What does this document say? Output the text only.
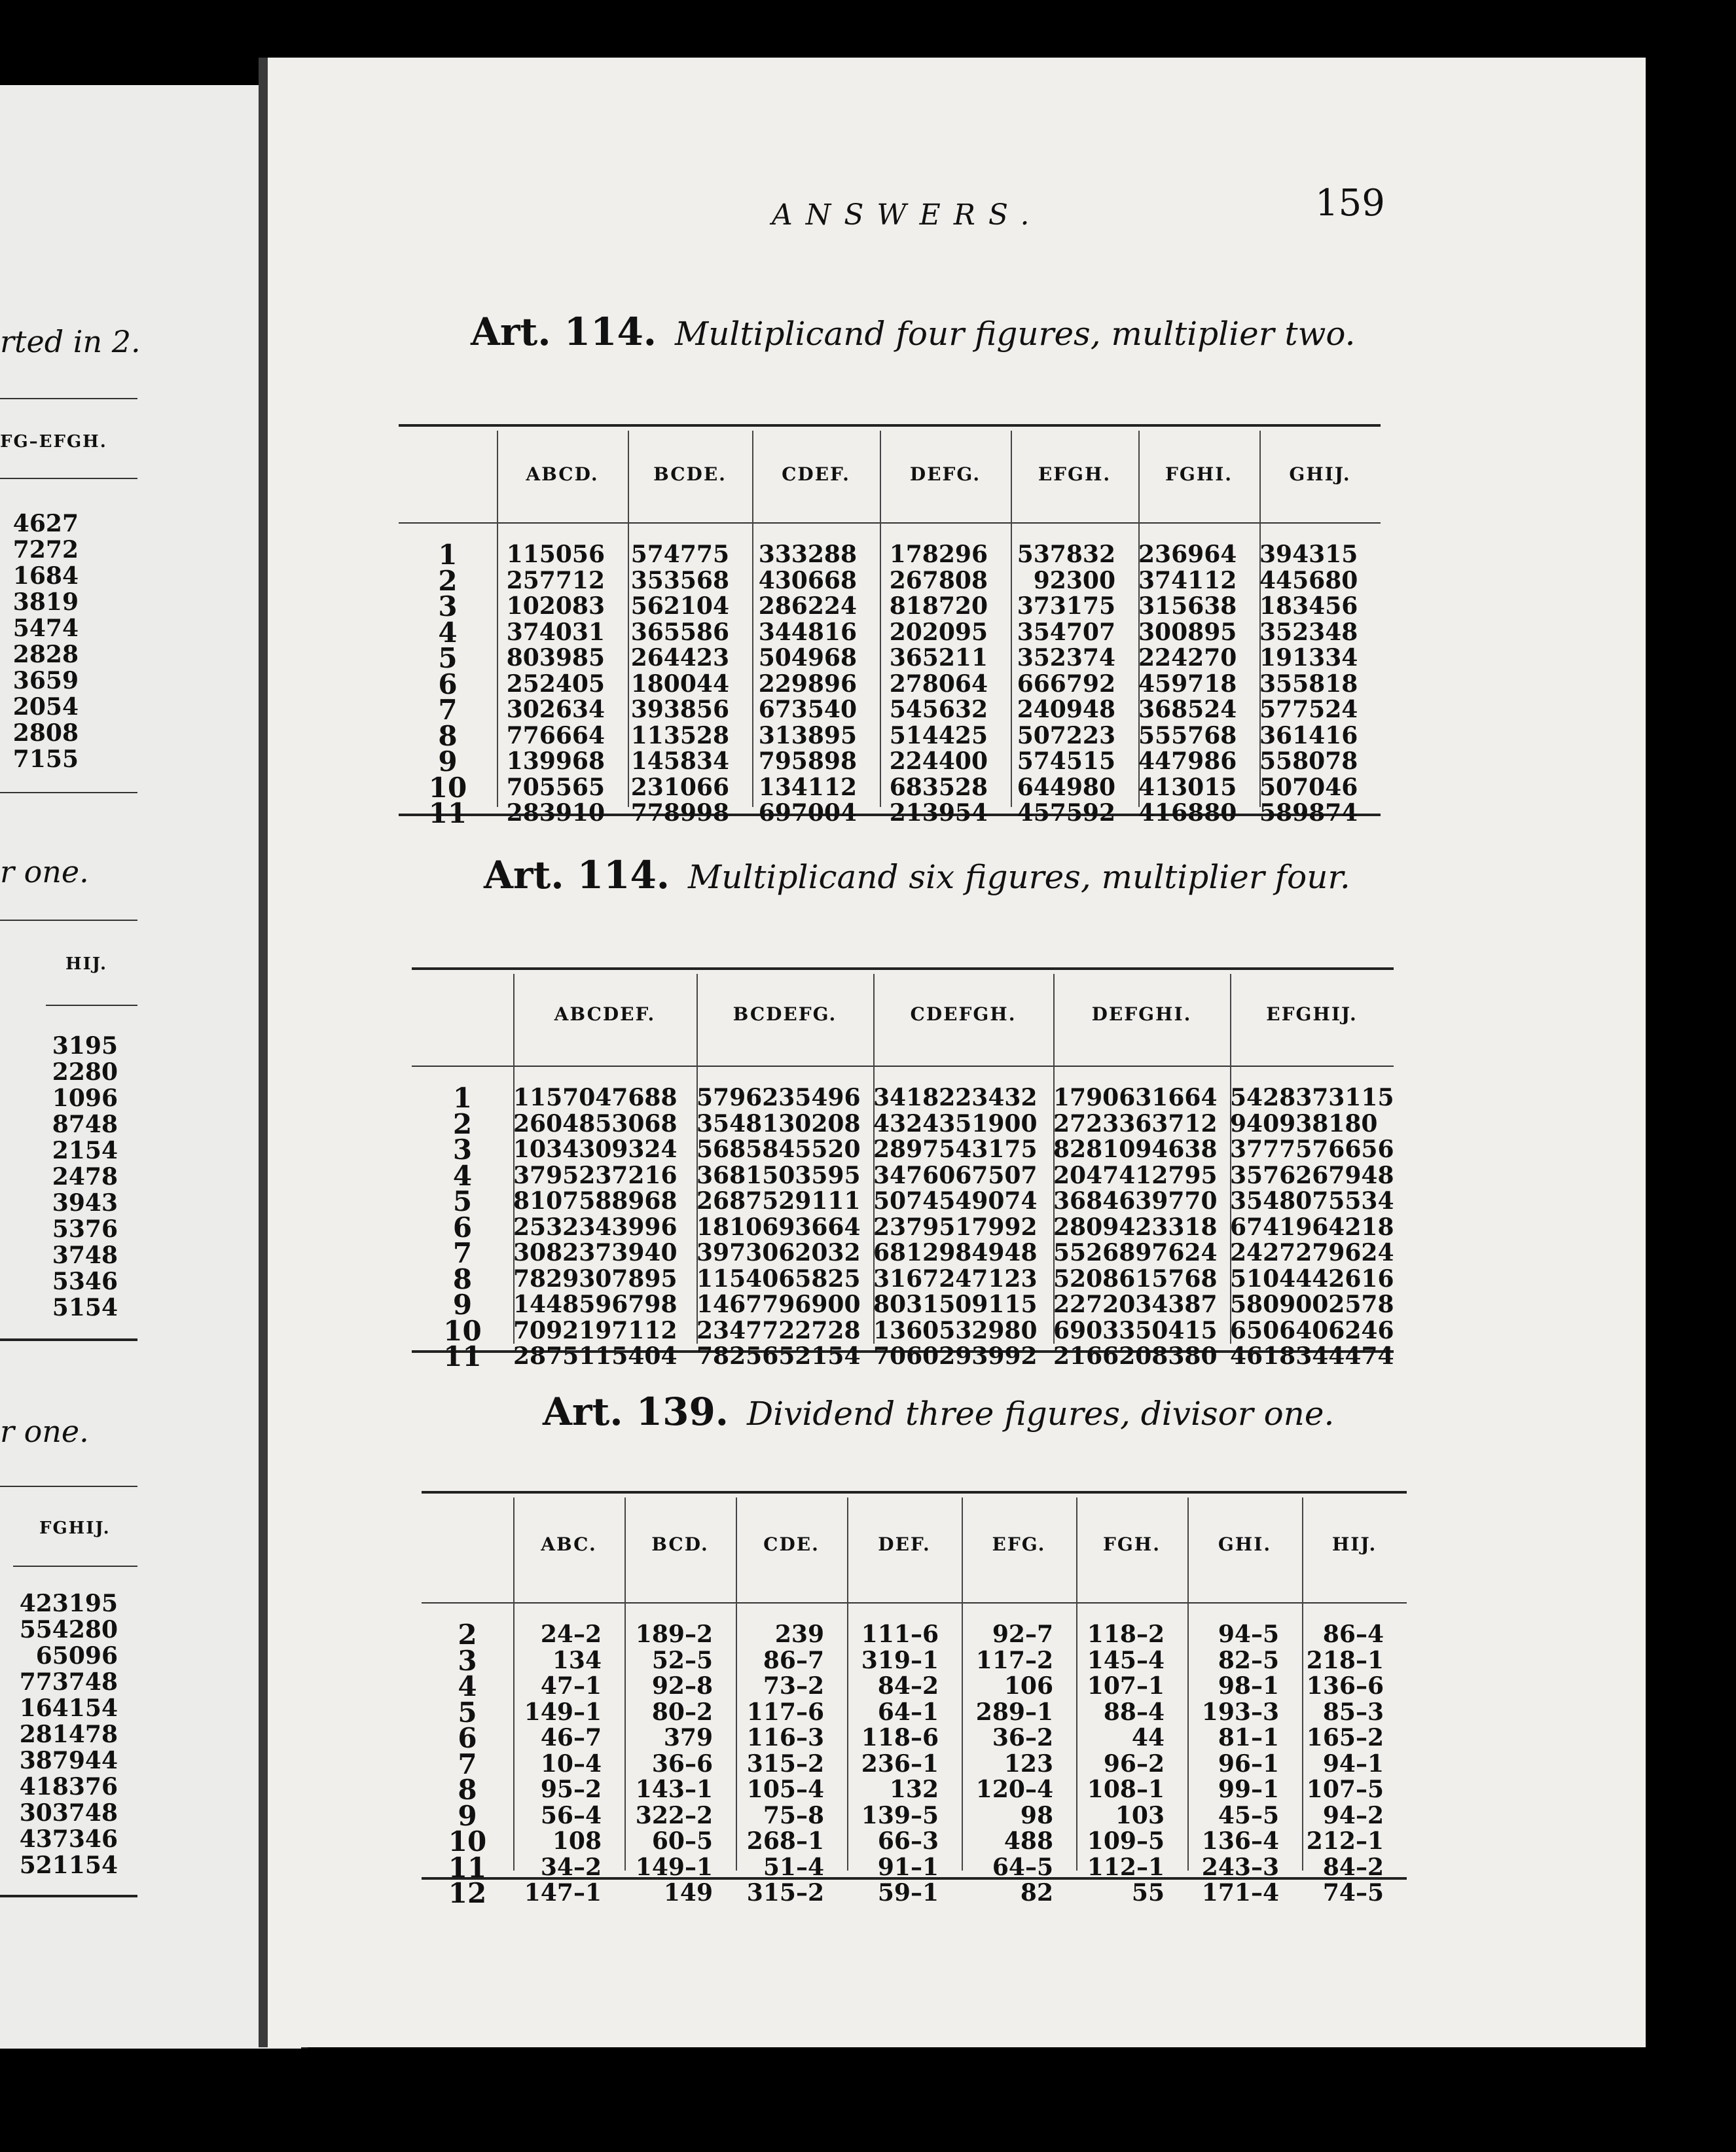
rted in 2.
FG–EFGH.
4627
7272
1684
3819
5474
2828
3659
2054
2808
7155
r one.
HIJ.
3195
2280
1096
8748
2154
2478
3943
5376
3748
5346
5154
r one.
FGHIJ.
423195
554280
65096
773748
164154
281478
387944
418376
303748
437346
521154
ANSWERS.	159
Art. 114. Multiplicand four figures, multiplier two.
1
2
3
4
5
6
7
8
9
10
11
ABCD.
115056
257712
102083
374031
803985
252405
302634
776664
139968
705565
283910
BCDE.
574775
353568
562104
365586
264423
180044
393856
113528
145834
231066
778998
CDEF.
333288
430668
286224
344816
504968
229896
673540
313895
795898
134112
697004
DEFG.
178296
267808
818720
202095
365211
278064
545632
514425
224400
683528
213954
EFGH.
537832
92300
373175
354707
352374
666792
240948
507223
574515
644980
457592
FGHI.
236964
374112
315638
300895
224270
459718
368524
555768
447986
413015
416880
GHIJ.
394315
445680
183456
352348
191334
355818
577524
361416
558078
507046
589874
Art. 114. Multiplicand six figures, multiplier four.
1
2
3
4
5
6
7
8
9
10
11
ABCDEF.
1157047688
2604853068
1034309324
3795237216
8107588968
2532343996
3082373940
7829307895
1448596798
7092197112
2875115404
BCDEFG.
5796235496
3548130208
5685845520
3681503595
2687529111
1810693664
3973062032
1154065825
1467796900
2347722728
7825652154
CDEFGH.
3418223432
4324351900
2897543175
3476067507
5074549074
2379517992
6812984948
3167247123
8031509115
1360532980
7060293992
DEFGHI.
1790631664
2723363712
8281094638
2047412795
3684639770
2809423318
5526897624
5208615768
2272034387
6903350415
2166208380
EFGHIJ.
5428373115
940938180
3777576656
3576267948
3548075534
6741964218
2427279624
5104442616
5809002578
6506406246
4618344474
Art. 139. Dividend three figures, divisor one.
2
3
4
5
6
7
8
9
10
11
12
ABC.
24–2
134
47–1
149–1
46–7
10–4
95–2
56–4
108
34–2
147–1
BCD.
189–2
52–5
92–8
80–2
379
36–6
143–1
322–2
60–5
149–1
149
CDE.
239
86–7
73–2
117–6
116–3
315–2
105–4
75–8
268–1
51–4
315–2
DEF.
111–6
319–1
84–2
64–1
118–6
236–1
132
139–5
66–3
91–1
59–1
EFG.
92–7
117–2
106
289–1
36–2
123
120–4
98
488
64–5
82
FGH.
118–2
145–4
107–1
88–4
44
96–2
108–1
103
109–5
112–1
55
GHI.
94–5
82–5
98–1
193–3
81–1
96–1
99–1
45–5
136–4
243–3
171–4
HIJ.
86–4
218–1
136–6
85–3
165–2
94–1
107–5
94–2
212–1
84–2
74–5
